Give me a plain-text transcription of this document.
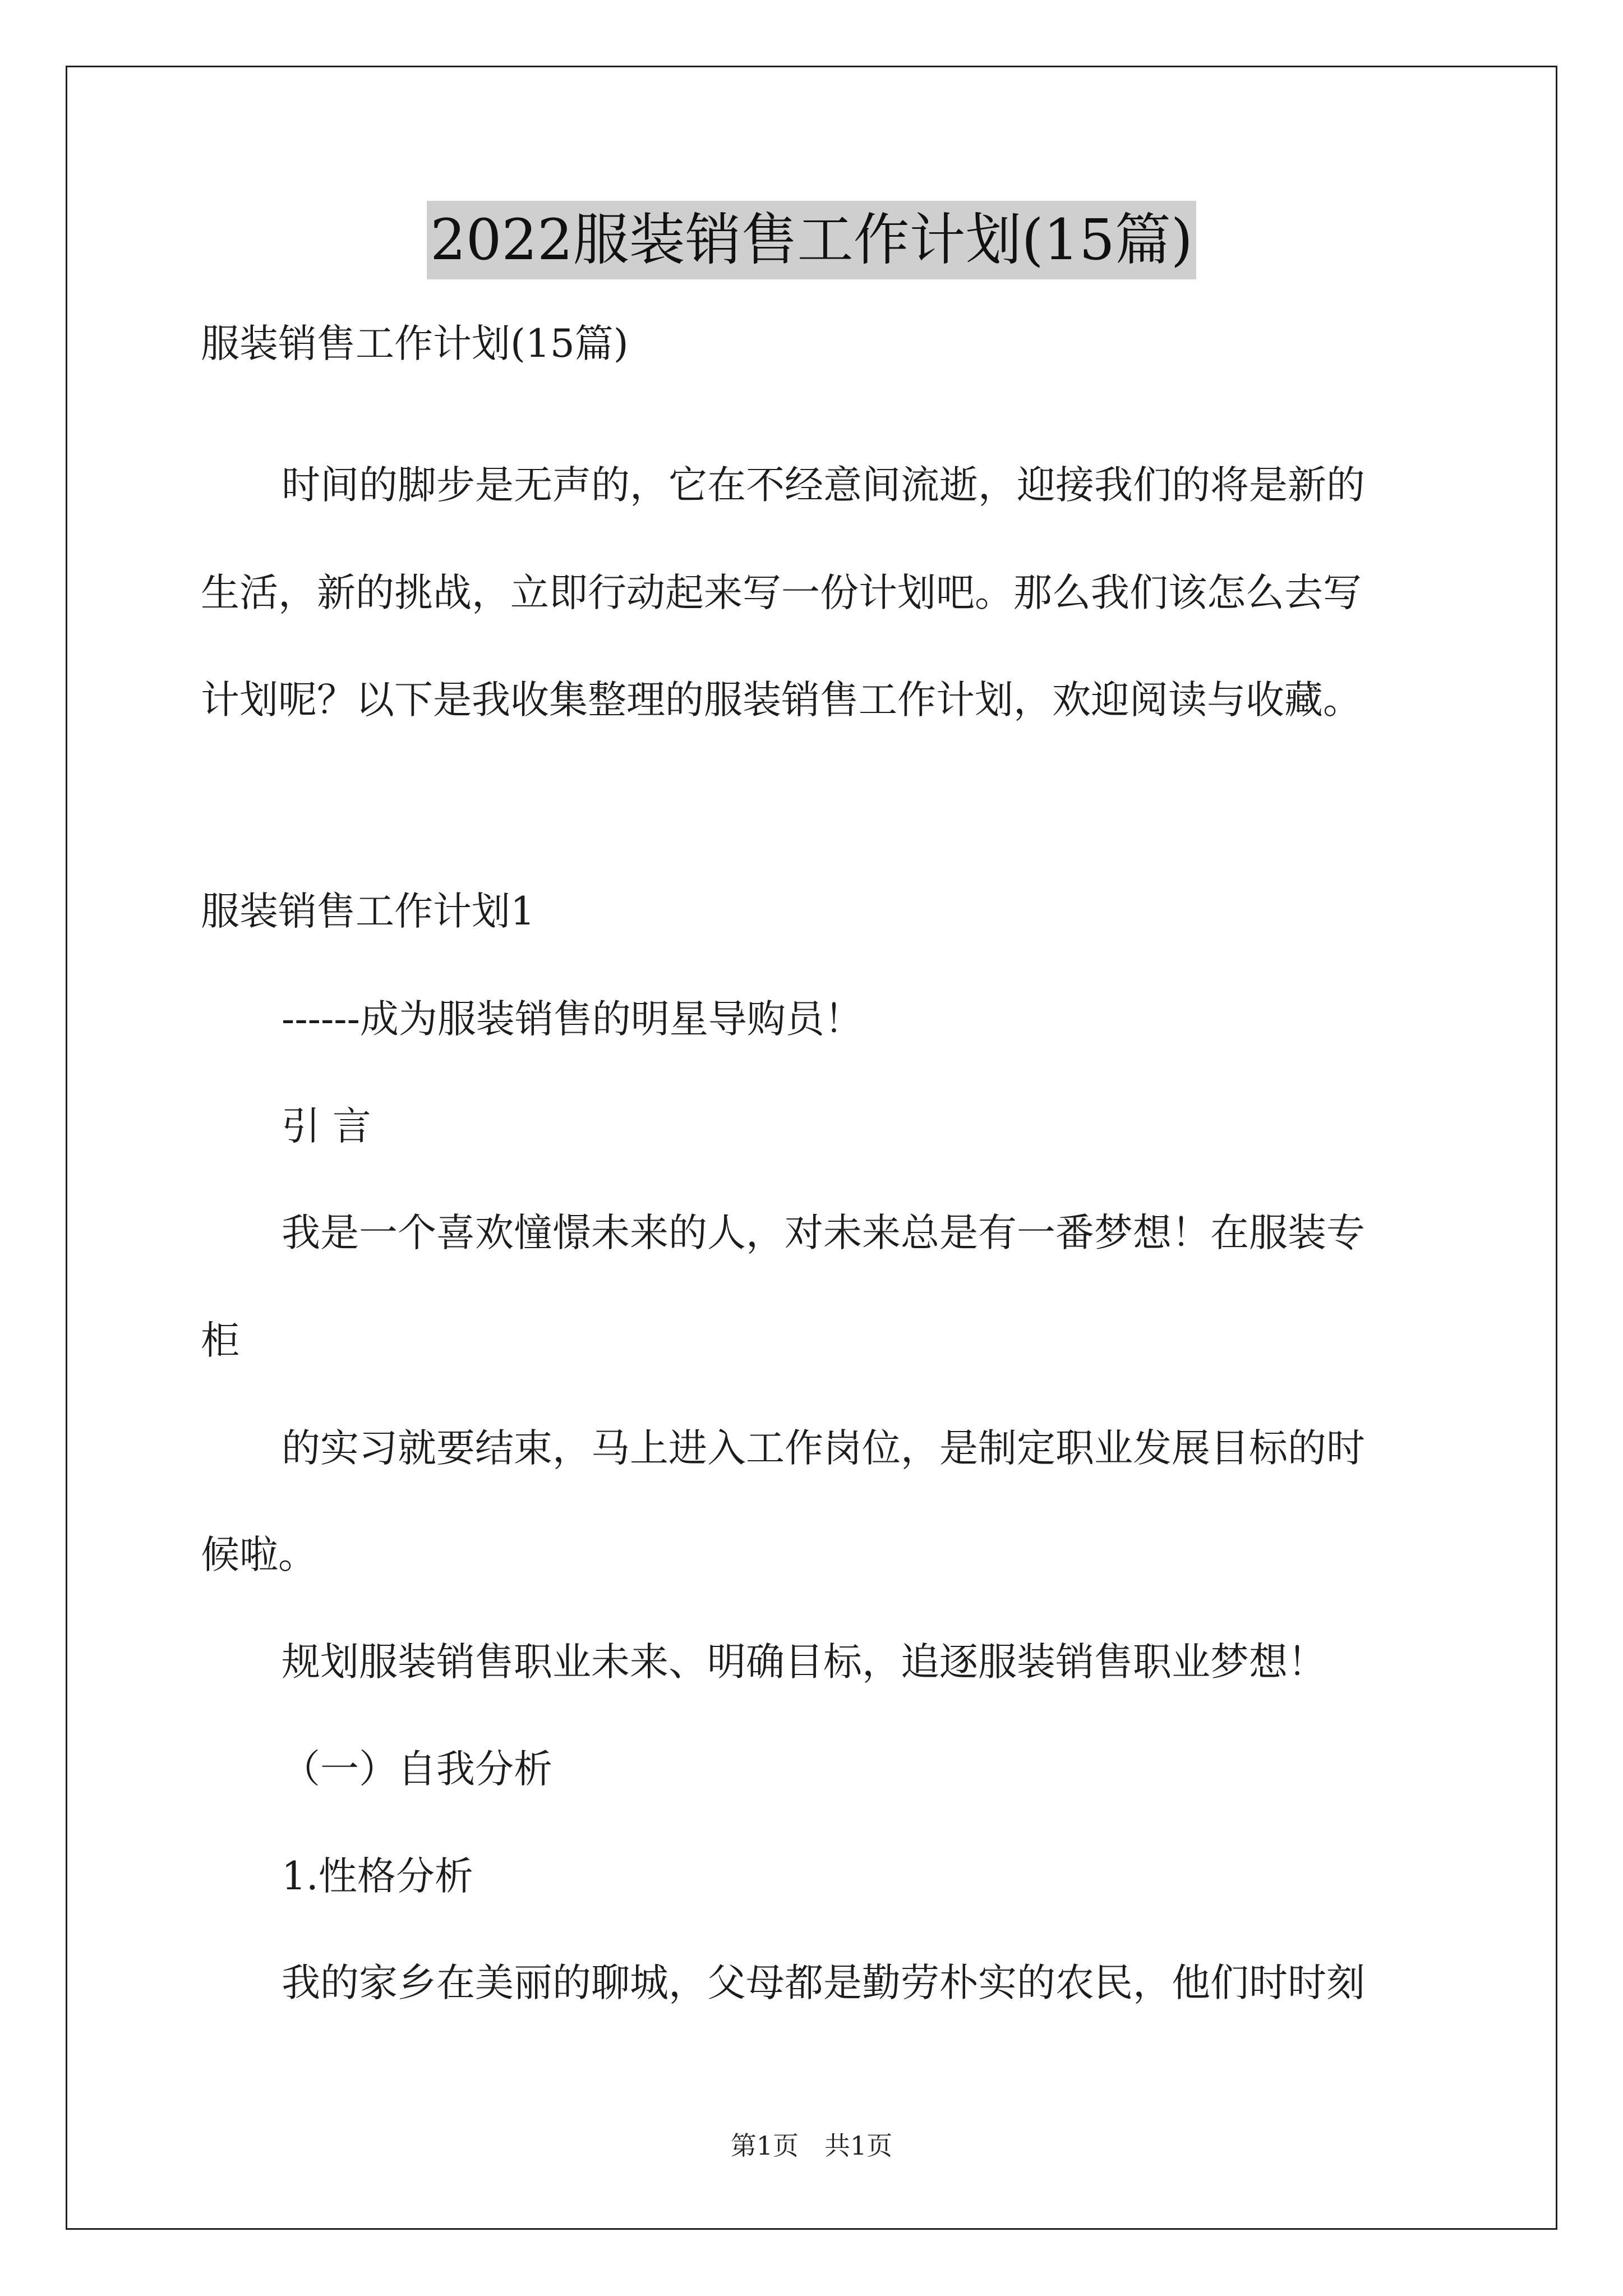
2022服装销售工作计划(15篇)
服装销售工作计划(15篇)
时间的脚步是无声的，它在不经意间流逝，迎接我们的将是新的
生活，新的挑战，立即行动起来写一份计划吧。那么我们该怎么去写
计划呢？以下是我收集整理的服装销售工作计划，欢迎阅读与收藏。
服装销售工作计划1
------成为服装销售的明星导购员！
引 言
我是一个喜欢憧憬未来的人，对未来总是有一番梦想！在服装专
柜
的实习就要结束，马上进入工作岗位，是制定职业发展目标的时
候啦。
规划服装销售职业未来、明确目标，追逐服装销售职业梦想！
（一）自我分析
1.性格分析
我的家乡在美丽的聊城，父母都是勤劳朴实的农民，他们时时刻
第1页　共1页
